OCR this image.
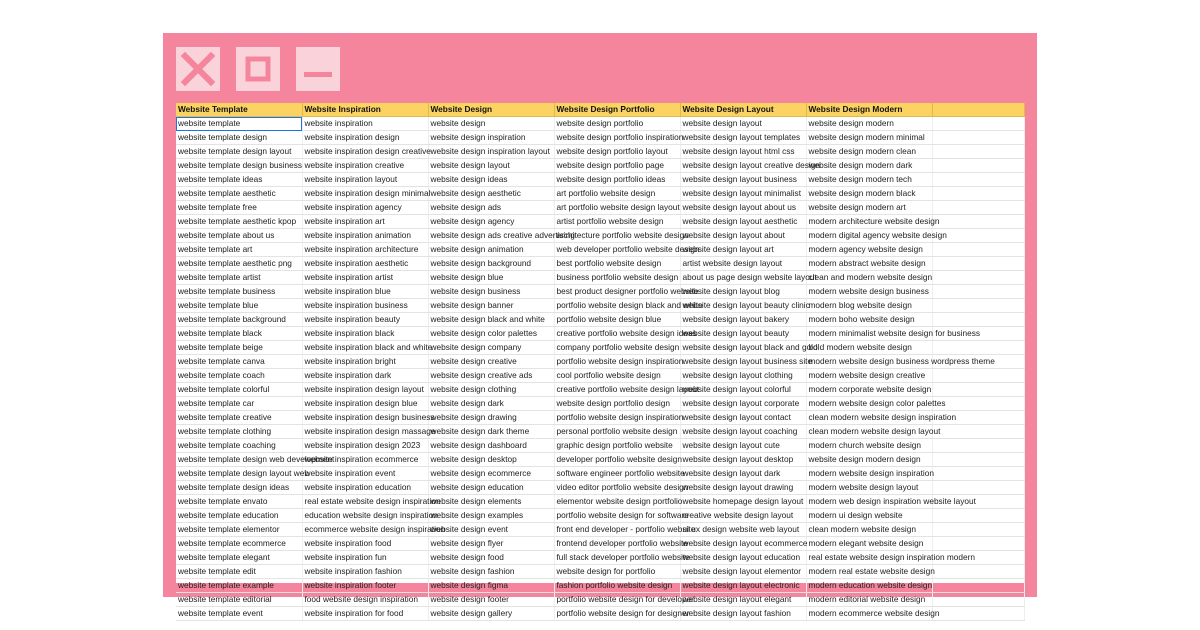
Website Template	Website Inspiration	Website Design	Website Design Portfolio	Website Design Layout	Website Design Modern	
website template	website inspiration	website design	website design portfolio	website design layout	website design modern	
website template design	website inspiration design	website design inspiration	website design portfolio inspiration	website design layout templates	website design modern minimal	
website template design layout	website inspiration design creative	website design inspiration layout	website design portfolio layout	website design layout html css	website design modern clean	
website template design business	website inspiration creative	website design layout	website design portfolio page	website design layout creative design	website design modern dark	
website template ideas	website inspiration layout	website design ideas	website design portfolio ideas	website design layout business	website design modern tech	
website template aesthetic	website inspiration design minimal	website design aesthetic	art portfolio website design	website design layout minimalist	website design modern black	
website template free	website inspiration agency	website design ads	art portfolio website design layout	website design layout about us	website design modern art	
website template aesthetic kpop	website inspiration art	website design agency	artist portfolio website design	website design layout aesthetic	modern architecture website design	
website template about us	website inspiration animation	website design ads creative advertising	architecture portfolio website design	website design layout about	modern digital agency website design	
website template art	website inspiration architecture	website design animation	web developer portfolio website design	website design layout art	modern agency website design	
website template aesthetic png	website inspiration aesthetic	website design background	best portfolio website design	artist website design layout	modern abstract website design	
website template artist	website inspiration artist	website design blue	business portfolio website design	about us page design website layout	clean and modern website design	
website template business	website inspiration blue	website design business	best product designer portfolio website	website design layout blog	modern website design business	
website template blue	website inspiration business	website design banner	portfolio website design black and white	website design layout beauty clinic	modern blog website design	
website template background	website inspiration beauty	website design black and white	portfolio website design blue	website design layout bakery	modern boho website design	
website template black	website inspiration black	website design color palettes	creative portfolio website design ideas	website design layout beauty	modern minimalist website design for business	
website template beige	website inspiration black and white	website design company	company portfolio website design	website design layout black and gold	bold modern website design	
website template canva	website inspiration bright	website design creative	portfolio website design inspiration	website design layout business site	modern website design business wordpress theme	
website template coach	website inspiration dark	website design creative ads	cool portfolio website design	website design layout clothing	modern website design creative	
website template colorful	website inspiration design layout	website design clothing	creative portfolio website design layout	website design layout colorful	modern corporate website design	
website template car	website inspiration design blue	website design dark	website design portfolio design	website design layout corporate	modern website design color palettes	
website template creative	website inspiration design business	website design drawing	portfolio website design inspiration	website design layout contact	clean modern website design inspiration	
website template clothing	website inspiration design massage	website design dark theme	personal portfolio website design	website design layout coaching	clean modern website design layout	
website template coaching	website inspiration design 2023	website design dashboard	graphic design portfolio website	website design layout cute	modern church website design	
website template design web development	website inspiration ecommerce	website design desktop	developer portfolio website design	website design layout desktop	website design modern design	
website template design layout web	website inspiration event	website design ecommerce	software engineer portfolio website	website design layout dark	modern website design inspiration	
website template design ideas	website inspiration education	website design education	video editor portfolio website design	website design layout drawing	modern website design layout	
website template envato	real estate website design inspiration	website design elements	elementor website design portfolio	website homepage design layout	modern web design inspiration website layout	
website template education	education website design inspiration	website design examples	portfolio website design for software	creative website design layout	modern ui design website	
website template elementor	ecommerce website design inspiration	website design event	front end developer - portfolio website	ui ux design website web layout	clean modern website design	
website template ecommerce	website inspiration food	website design flyer	frontend developer portfolio website	website design layout ecommerce	modern elegant website design	
website template elegant	website inspiration fun	website design food	full stack developer portfolio website	website design layout education	real estate website design inspiration modern	
website template edit	website inspiration fashion	website design fashion	website design for portfolio	website design layout elementor	modern real estate website design	
website template example	website inspiration footer	website design figma	fashion portfolio website design	website design layout electronic	modern education website design	
website template editorial	food website design inspiration	website design footer	portfolio website design for developer	website design layout elegant	modern editorial website design	
website template event	website inspiration for food	website design gallery	portfolio website design for designer	website design layout fashion	modern ecommerce website design	
